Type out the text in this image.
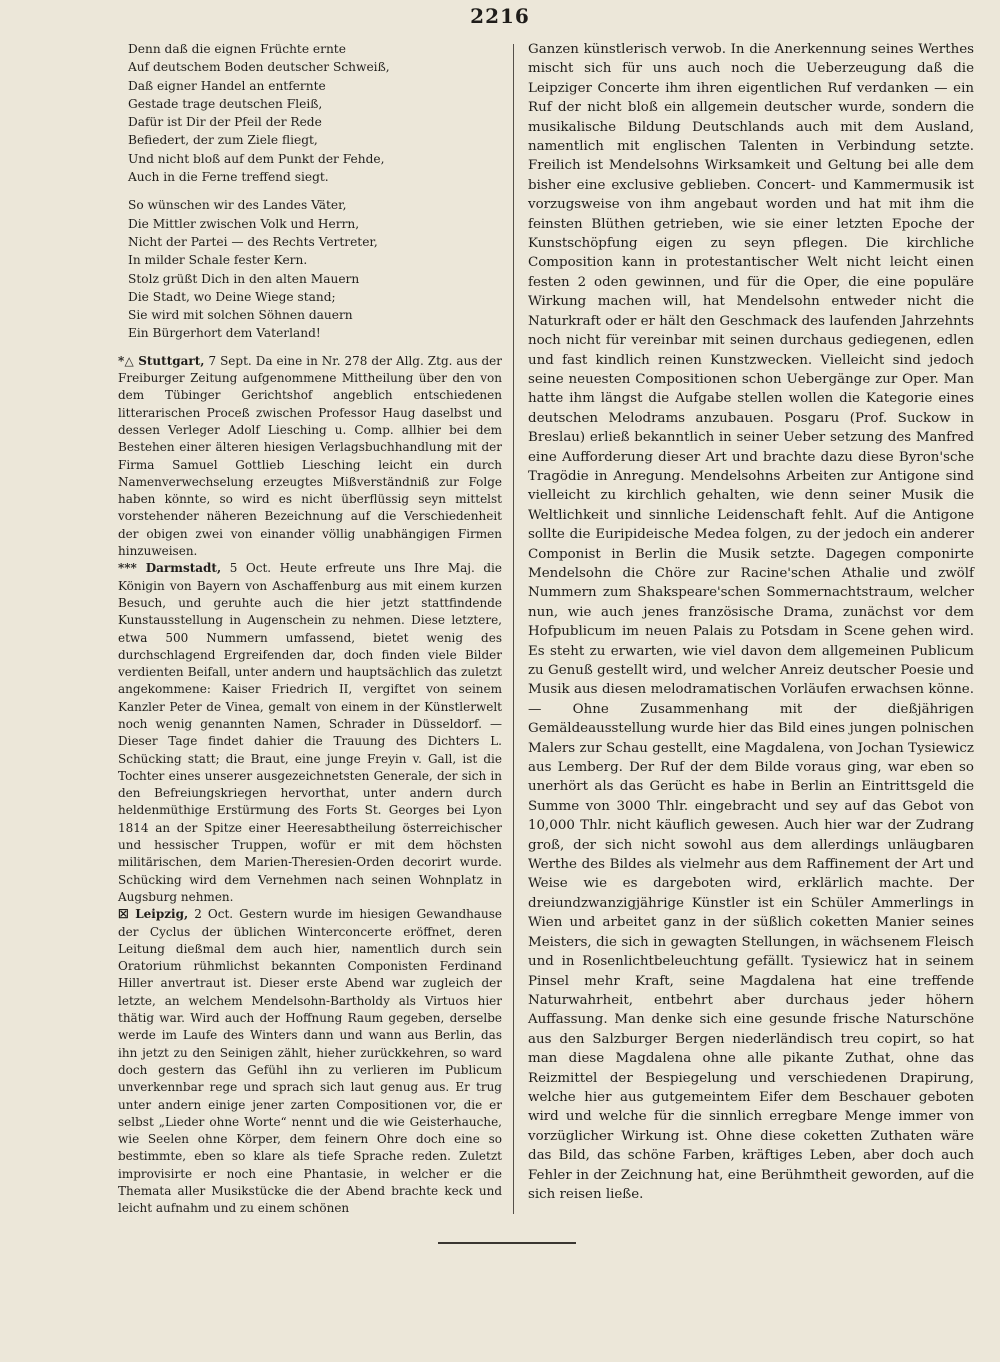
2216
Denn daß die eignen Früchte ernte
Auf deutschem Boden deutscher Schweiß,
Daß eigner Handel an entfernte
Gestade trage deutschen Fleiß,
Dafür ist Dir der Pfeil der Rede
Befiedert, der zum Ziele fliegt,
Und nicht bloß auf dem Punkt der Fehde,
Auch in die Ferne treffend siegt.
So wünschen wir des Landes Väter,
Die Mittler zwischen Volk und Herrn,
Nicht der Partei — des Rechts Vertreter,
In milder Schale fester Kern.
Stolz grüßt Dich in den alten Mauern
Die Stadt, wo Deine Wiege stand;
Sie wird mit solchen Söhnen dauern
Ein Bürgerhort dem Vaterland!

*△ Stuttgart, 7 Sept. Da eine in Nr. 278 der Allg. Ztg. aus der Freiburger Zeitung aufgenommene Mittheilung über den von dem Tübinger Gerichtshof angeblich entschiedenen litterarischen Proceß zwischen Professor Haug daselbst und dessen Verleger Adolf Liesching u. Comp. allhier bei dem Bestehen einer älteren hiesigen Verlagsbuchhandlung mit der Firma Samuel Gottlieb Liesching leicht ein durch Namenverwechselung erzeugtes Mißverständniß zur Folge haben könnte, so wird es nicht überflüssig seyn mittelst vorstehender näheren Bezeichnung auf die Verschiedenheit der obigen zwei von einander völlig unabhängigen Firmen hinzuweisen.

*** Darmstadt, 5 Oct. Heute erfreute uns Ihre Maj. die Königin von Bayern von Aschaffenburg aus mit einem kurzen Besuch, und geruhte auch die hier jetzt stattfindende Kunstausstellung in Augenschein zu nehmen. Diese letztere, etwa 500 Nummern umfassend, bietet wenig des durchschlagend Ergreifenden dar, doch finden viele Bilder verdienten Beifall, unter andern und hauptsächlich das zuletzt angekommene: Kaiser Friedrich II, vergiftet von seinem Kanzler Peter de Vinea, gemalt von einem in der Künstlerwelt noch wenig genannten Namen, Schrader in Düsseldorf. — Dieser Tage findet dahier die Trauung des Dichters L. Schücking statt; die Braut, eine junge Freyin v. Gall, ist die Tochter eines unserer ausgezeichnetsten Generale, der sich in den Befreiungskriegen hervorthat, unter andern durch heldenmüthige Erstürmung des Forts St. Georges bei Lyon 1814 an der Spitze einer Heeresabtheilung österreichischer und hessischer Truppen, wofür er mit dem höchsten militärischen, dem Marien-Theresien-Orden decorirt wurde. Schücking wird dem Vernehmen nach seinen Wohnplatz in Augsburg nehmen.

☒ Leipzig, 2 Oct. Gestern wurde im hiesigen Gewandhause der Cyclus der üblichen Winterconcerte eröffnet, deren Leitung dießmal dem auch hier, namentlich durch sein Oratorium rühmlichst bekannten Componisten Ferdinand Hiller anvertraut ist. Dieser erste Abend war zugleich der letzte, an welchem Mendelsohn-Bartholdy als Virtuos hier thätig war. Wird auch der Hoffnung Raum gegeben, derselbe werde im Laufe des Winters dann und wann aus Berlin, das ihn jetzt zu den Seinigen zählt, hieher zurückkehren, so ward doch gestern das Gefühl ihn zu verlieren im Publicum unverkennbar rege und sprach sich laut genug aus. Er trug unter andern einige jener zarten Compositionen vor, die er selbst „Lieder ohne Worte“ nennt und die wie Geisterhauche, wie Seelen ohne Körper, dem feinern Ohre doch eine so bestimmte, eben so klare als tiefe Sprache reden. Zuletzt improvisirte er noch eine Phantasie, in welcher er die Themata aller Musikstücke die der Abend brachte keck und leicht aufnahm und zu einem schönen

Ganzen künstlerisch verwob. In die Anerkennung seines Werthes mischt sich für uns auch noch die Ueberzeugung daß die Leipziger Concerte ihm ihren eigentlichen Ruf verdanken — ein Ruf der nicht bloß ein allgemein deutscher wurde, sondern die musikalische Bildung Deutschlands auch mit dem Ausland, namentlich mit englischen Talenten in Verbindung setzte. Freilich ist Mendelsohns Wirksamkeit und Geltung bei alle dem bisher eine exclusive geblieben. Concert- und Kammermusik ist vorzugsweise von ihm angebaut worden und hat mit ihm die feinsten Blüthen getrieben, wie sie einer letzten Epoche der Kunstschöpfung eigen zu seyn pflegen. Die kirchliche Composition kann in protestantischer Welt nicht leicht einen festen 2 oden gewinnen, und für die Oper, die eine populäre Wirkung machen will, hat Mendelsohn entweder nicht die Naturkraft oder er hält den Geschmack des laufenden Jahrzehnts noch nicht für vereinbar mit seinen durchaus gediegenen, edlen und fast kindlich reinen Kunstzwecken. Vielleicht sind jedoch seine neuesten Compositionen schon Uebergänge zur Oper. Man hatte ihm längst die Aufgabe stellen wollen die Kategorie eines deutschen Melodrams anzubauen. Posgaru (Prof. Suckow in Breslau) erließ bekanntlich in seiner Ueber setzung des Manfred eine Aufforderung dieser Art und brachte dazu diese Byron'sche Tragödie in Anregung. Mendelsohns Arbeiten zur Antigone sind vielleicht zu kirchlich gehalten, wie denn seiner Musik die Weltlichkeit und sinnliche Leidenschaft fehlt. Auf die Antigone sollte die Euripideische Medea folgen, zu der jedoch ein anderer Componist in Berlin die Musik setzte. Dagegen componirte Mendelsohn die Chöre zur Racine'schen Athalie und zwölf Nummern zum Shakspeare'schen Sommernachtstraum, welcher nun, wie auch jenes französische Drama, zunächst vor dem Hofpublicum im neuen Palais zu Potsdam in Scene gehen wird. Es steht zu erwarten, wie viel davon dem allgemeinen Publicum zu Genuß gestellt wird, und welcher Anreiz deutscher Poesie und Musik aus diesen melodramatischen Vorläufen erwachsen könne. — Ohne Zusammenhang mit der dießjährigen Gemäldeausstellung wurde hier das Bild eines jungen polnischen Malers zur Schau gestellt, eine Magdalena, von Jochan Tysiewicz aus Lemberg. Der Ruf der dem Bilde voraus ging, war eben so unerhört als das Gerücht es habe in Berlin an Eintrittsgeld die Summe von 3000 Thlr. eingebracht und sey auf das Gebot von 10,000 Thlr. nicht käuflich gewesen. Auch hier war der Zudrang groß, der sich nicht sowohl aus dem allerdings unläugbaren Werthe des Bildes als vielmehr aus dem Raffinement der Art und Weise wie es dargeboten wird, erklärlich machte. Der dreiundzwanzigjährige Künstler ist ein Schüler Ammerlings in Wien und arbeitet ganz in der süßlich coketten Manier seines Meisters, die sich in gewagten Stellungen, in wächsenem Fleisch und in Rosenlichtbeleuchtung gefällt. Tysiewicz hat in seinem Pinsel mehr Kraft, seine Magdalena hat eine treffende Naturwahrheit, entbehrt aber durchaus jeder höhern Auffassung. Man denke sich eine gesunde frische Naturschöne aus den Salzburger Bergen niederländisch treu copirt, so hat man diese Magdalena ohne alle pikante Zuthat, ohne das Reizmittel der Bespiegelung und verschiedenen Drapirung, welche hier aus gutgemeintem Eifer dem Beschauer geboten wird und welche für die sinnlich erregbare Menge immer von vorzüglicher Wirkung ist. Ohne diese coketten Zuthaten wäre das Bild, das schöne Farben, kräftiges Leben, aber doch auch Fehler in der Zeichnung hat, eine Berühmtheit geworden, auf die sich reisen ließe.
